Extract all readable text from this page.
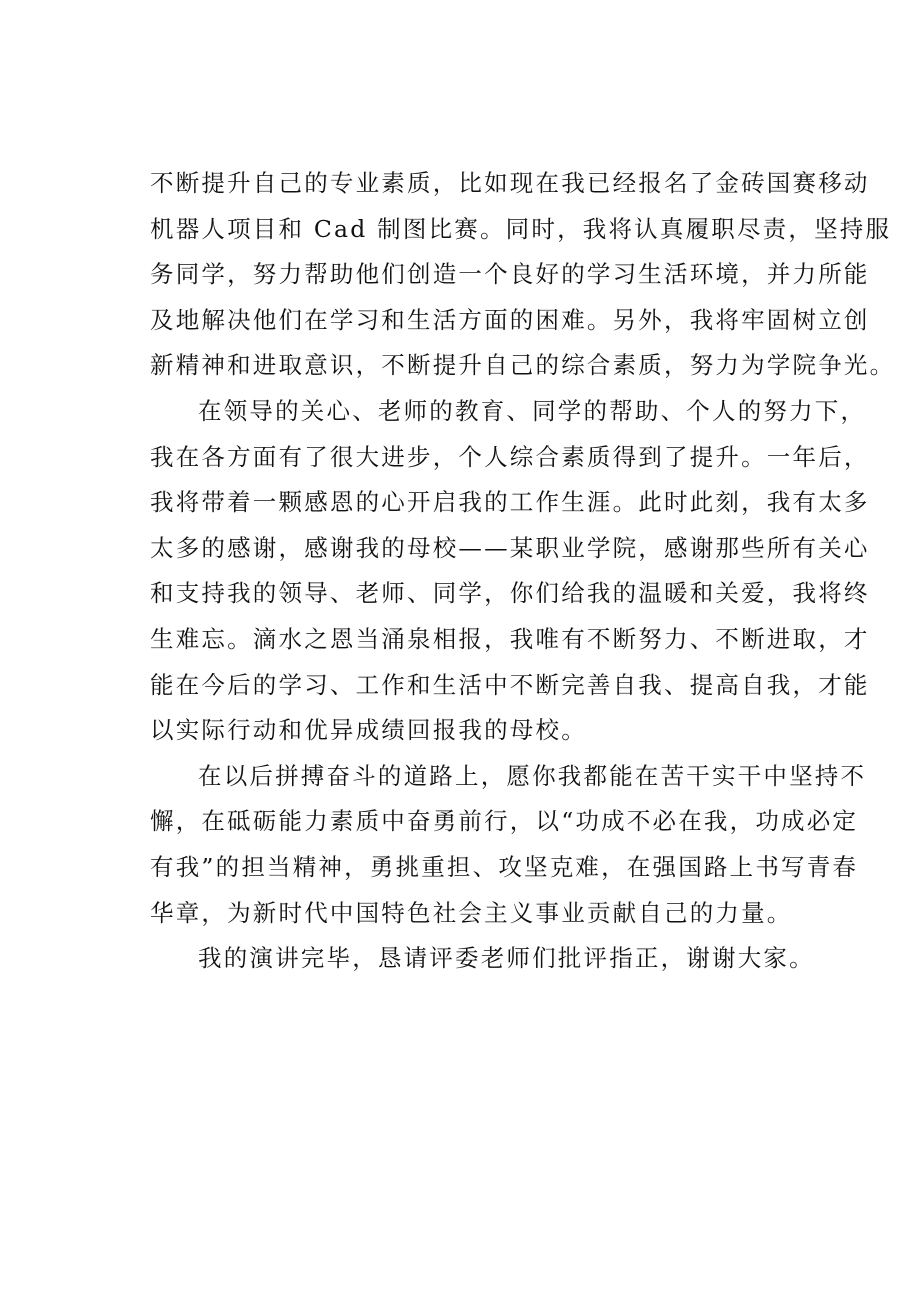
不断提升自己的专业素质，比如现在我已经报名了金砖国赛移动
机器人项目和 Cad 制图比赛。同时，我将认真履职尽责，坚持服
务同学，努力帮助他们创造一个良好的学习生活环境，并力所能
及地解决他们在学习和生活方面的困难。另外，我将牢固树立创
新精神和进取意识，不断提升自己的综合素质，努力为学院争光。
在领导的关心、老师的教育、同学的帮助、个人的努力下，
我在各方面有了很大进步，个人综合素质得到了提升。一年后，
我将带着一颗感恩的心开启我的工作生涯。此时此刻，我有太多
太多的感谢，感谢我的母校——某职业学院，感谢那些所有关心
和支持我的领导、老师、同学，你们给我的温暖和关爱，我将终
生难忘。滴水之恩当涌泉相报，我唯有不断努力、不断进取，才
能在今后的学习、工作和生活中不断完善自我、提高自我，才能
以实际行动和优异成绩回报我的母校。
在以后拼搏奋斗的道路上，愿你我都能在苦干实干中坚持不
懈，在砥砺能力素质中奋勇前行，以“功成不必在我，功成必定
有我”的担当精神，勇挑重担、攻坚克难，在强国路上书写青春
华章，为新时代中国特色社会主义事业贡献自己的力量。
我的演讲完毕，恳请评委老师们批评指正，谢谢大家。
